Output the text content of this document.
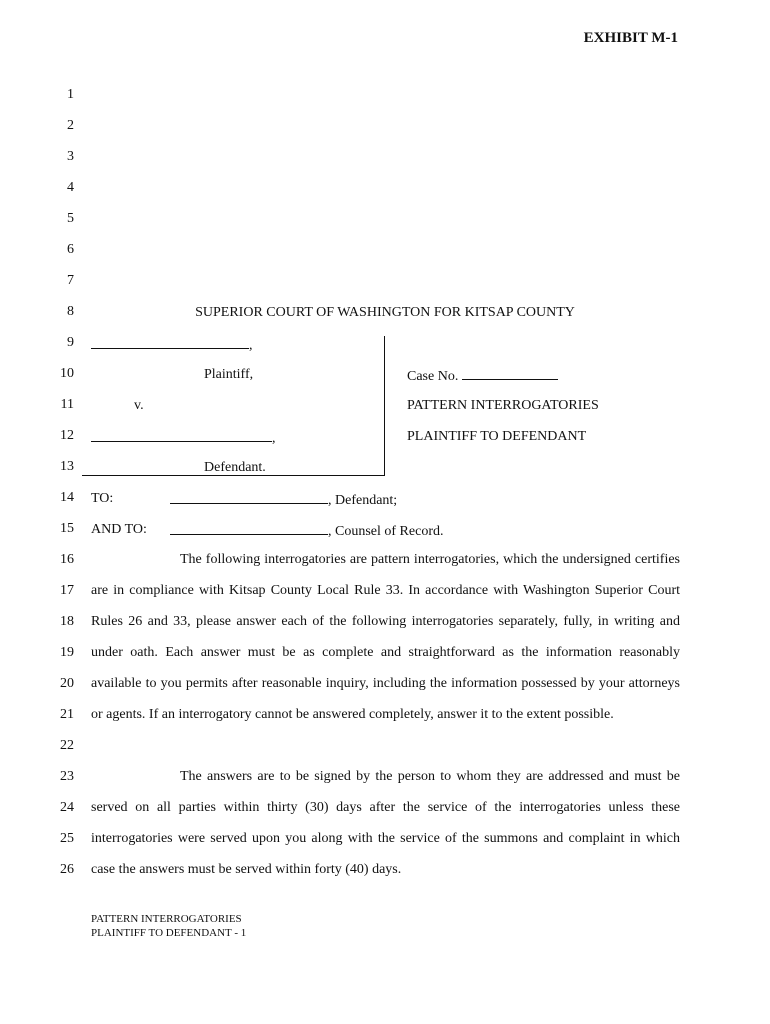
EXHIBIT M-1
1
2
3
4
5
6
7
8
9
10
11
12
13
14
15
16
17
18
19
20
21
22
23
24
25
26
SUPERIOR COURT OF WASHINGTON FOR KITSAP COUNTY
,
Plaintiff,
v.
,
Defendant.
Case No.
PATTERN INTERROGATORIES
PLAINTIFF TO DEFENDANT
TO:	, Defendant;
AND TO:	, Counsel of Record.

The following interrogatories are pattern interrogatories, which the undersigned certifies are in compliance with Kitsap County Local Rule 33. In accordance with Washington Superior Court Rules 26 and 33, please answer each of the following interrogatories separately, fully, in writing and under oath. Each answer must be as complete and straightforward as the information reasonably available to you permits after reasonable inquiry, including the information possessed by your attorneys or agents. If an interrogatory cannot be answered completely, answer it to the extent possible.

The answers are to be signed by the person to whom they are addressed and must be served on all parties within thirty (30) days after the service of the interrogatories unless these interrogatories were served upon you along with the service of the summons and complaint in which case the answers must be served within forty (40) days.

PATTERN INTERROGATORIES
PLAINTIFF TO DEFENDANT - 1
